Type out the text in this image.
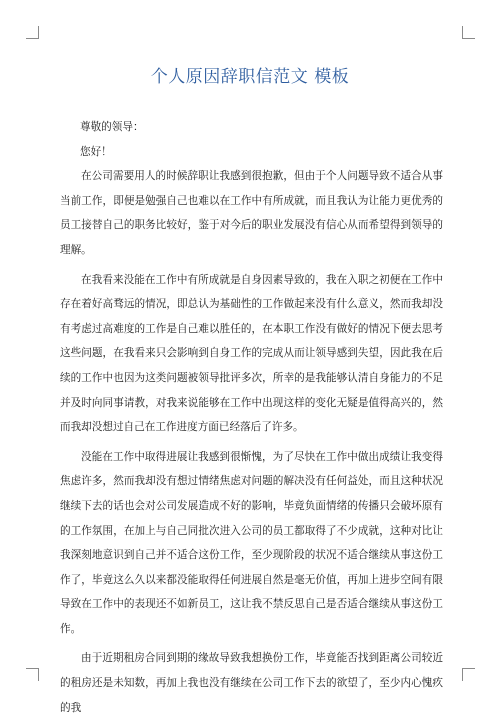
个人原因辞职信范文 模板

尊敬的领导：

您好！

在公司需要用人的时候辞职让我感到很抱歉，但由于个人问题导致不适合从事当前工作，即便是勉强自己也难以在工作中有所成就，而且我认为让能力更优秀的员工接替自己的职务比较好，鉴于对今后的职业发展没有信心从而希望得到领导的理解。

在我看来没能在工作中有所成就是自身因素导致的，我在入职之初便在工作中存在着好高骛远的情况，即总认为基础性的工作做起来没有什么意义，然而我却没有考虑过高难度的工作是自己难以胜任的，在本职工作没有做好的情况下便去思考这些问题，在我看来只会影响到自身工作的完成从而让领导感到失望，因此我在后续的工作中也因为这类问题被领导批评多次，所幸的是我能够认清自身能力的不足并及时向同事请教，对我来说能够在工作中出现这样的变化无疑是值得高兴的，然而我却没想过自己在工作进度方面已经落后了许多。

没能在工作中取得进展让我感到很惭愧，为了尽快在工作中做出成绩让我变得焦虑许多，然而我却没有想过情绪焦虑对问题的解决没有任何益处，而且这种状况继续下去的话也会对公司发展造成不好的影响，毕竟负面情绪的传播只会破坏原有的工作氛围，在加上与自己同批次进入公司的员工都取得了不少成就，这种对比让我深刻地意识到自己并不适合这份工作，至少现阶段的状况不适合继续从事这份工作了，毕竟这么久以来都没能取得任何进展自然是毫无价值，再加上进步空间有限导致在工作中的表现还不如新员工，这让我不禁反思自己是否适合继续从事这份工作。

由于近期租房合同到期的缘故导致我想换份工作，毕竟能否找到距离公司较近的租房还是未知数，再加上我也没有继续在公司工作下去的欲望了，至少内心愧疚的我
